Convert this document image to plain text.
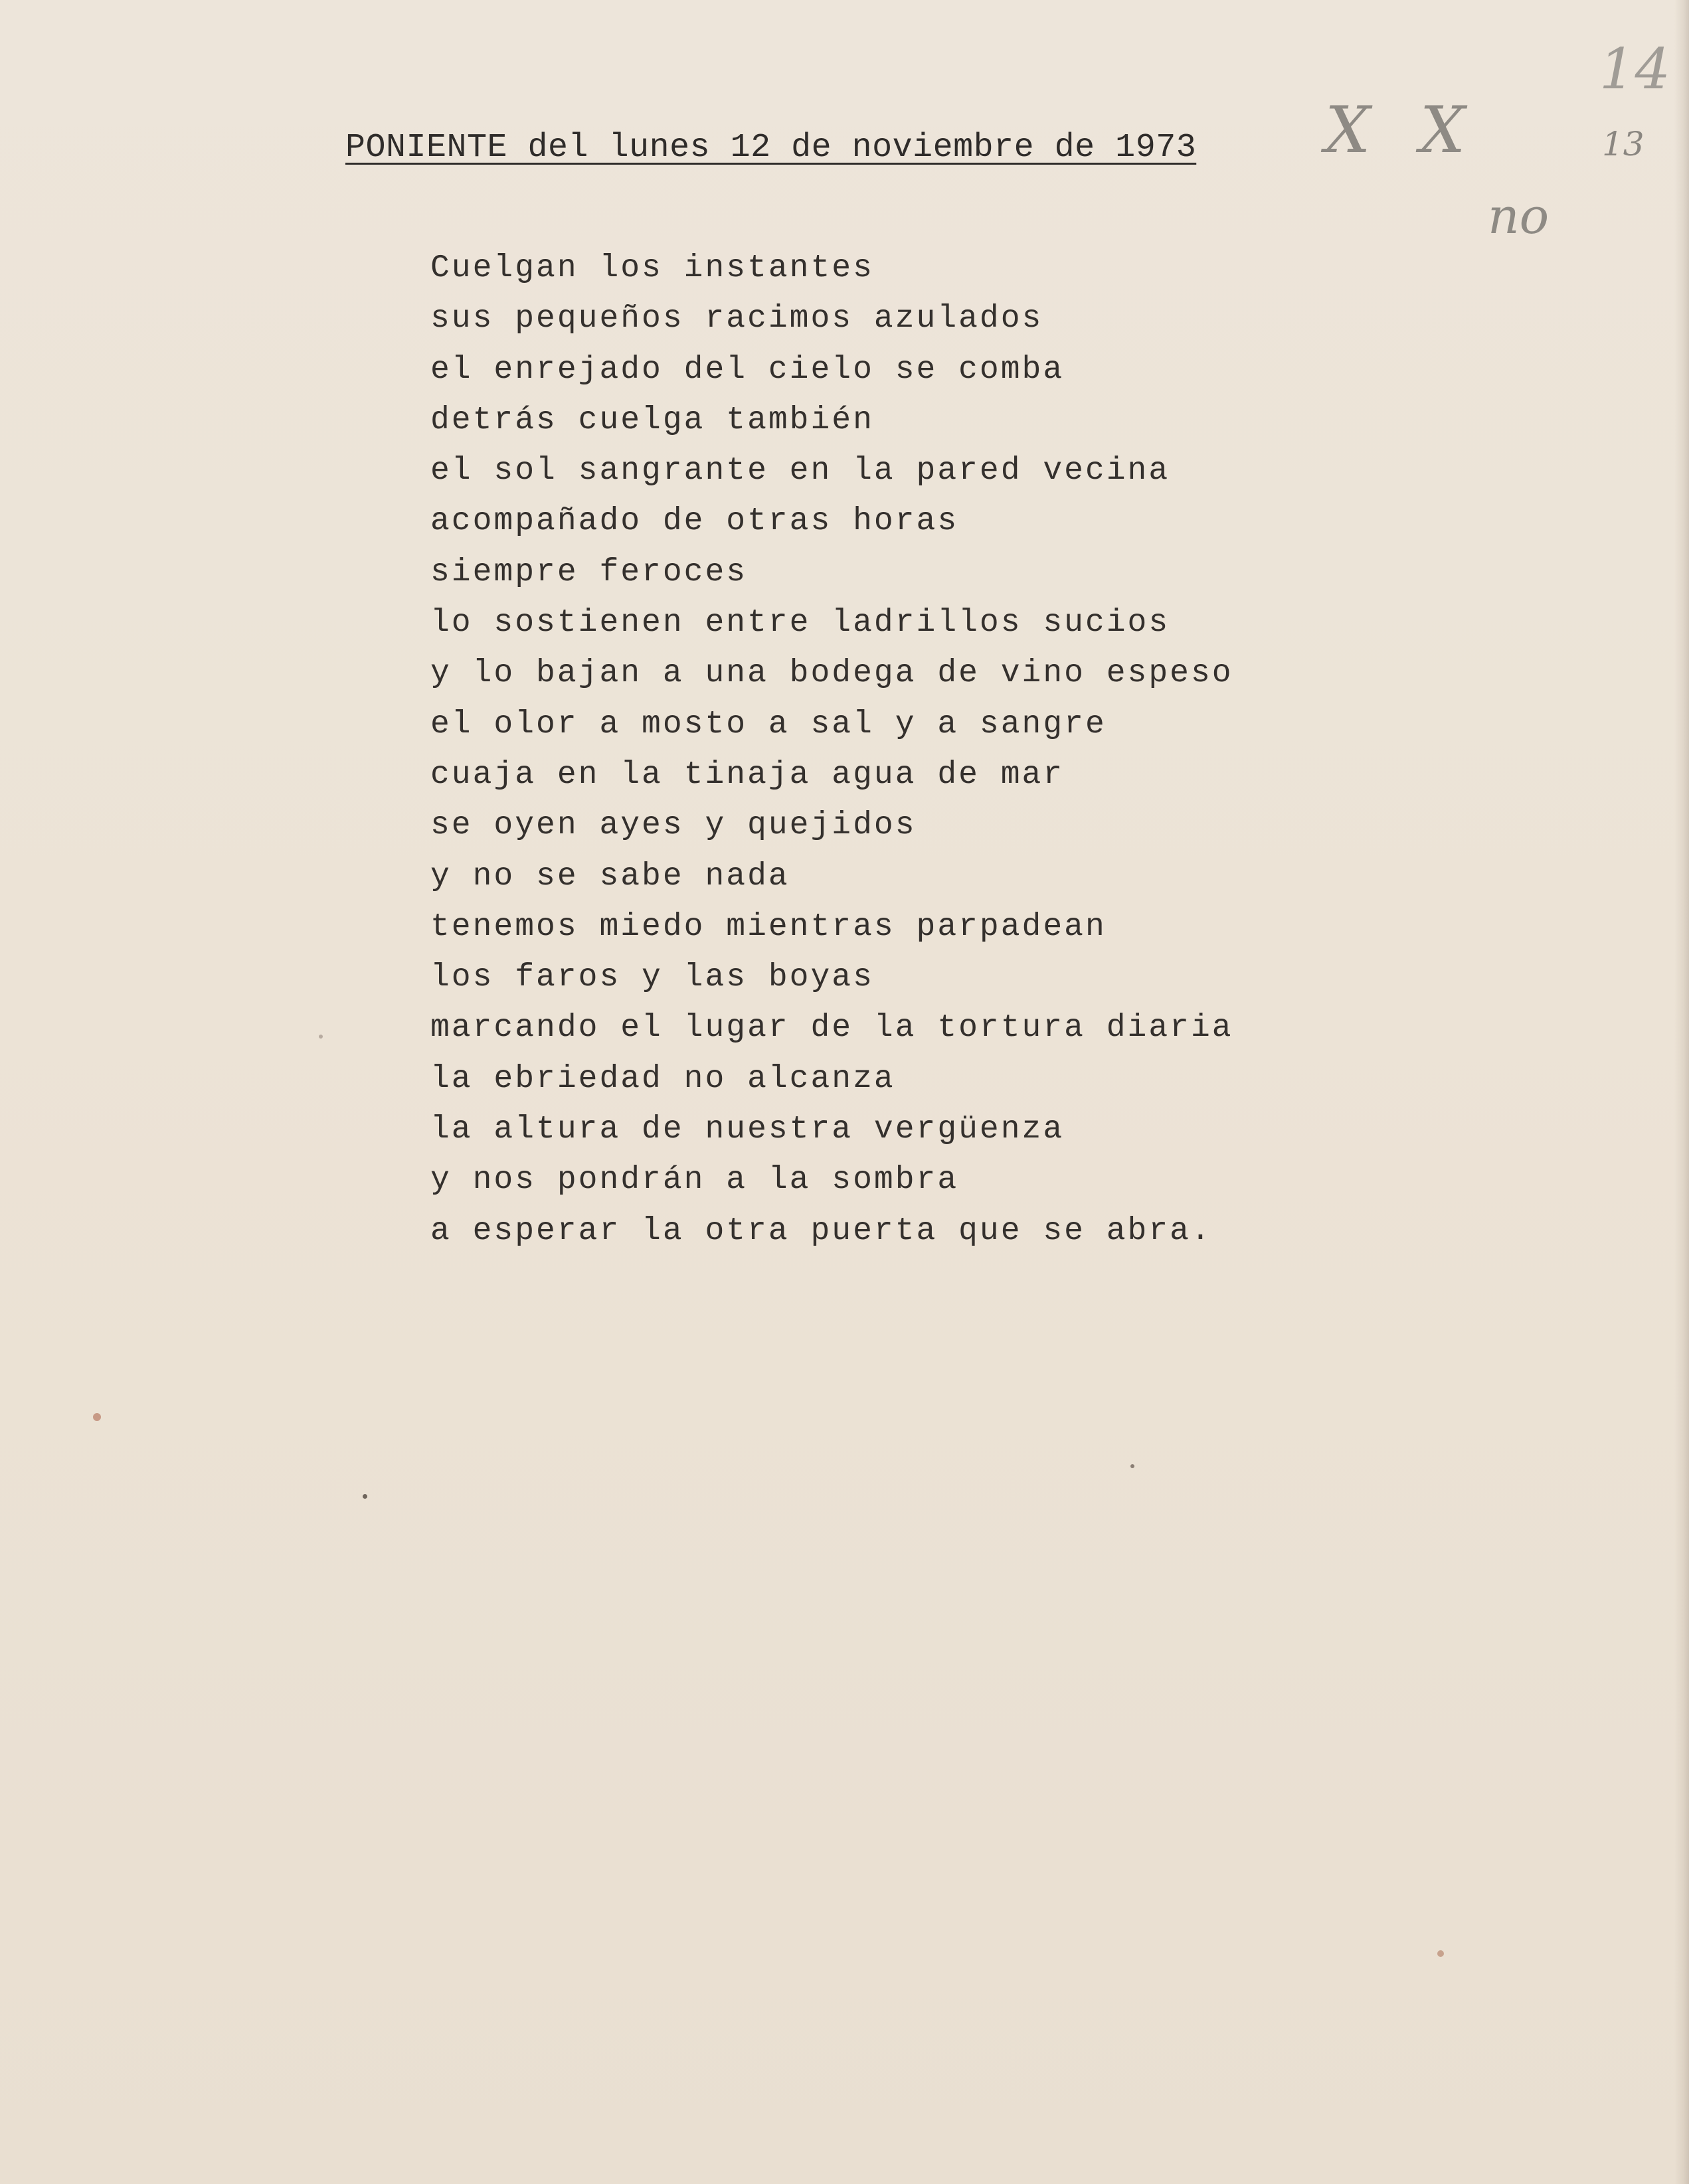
PONIENTE del lunes 12 de noviembre de 1973
Cuelgan los instantes
sus pequeños racimos azulados
el enrejado del cielo se comba
detrás cuelga también
el sol sangrante en la pared vecina
acompañado de otras horas
siempre feroces
lo sostienen entre ladrillos sucios
y lo bajan a una bodega de vino espeso
el olor a mosto a sal y a sangre
cuaja en la tinaja agua de mar
se oyen ayes y quejidos
y no se sabe nada
tenemos miedo mientras parpadean
los faros y las boyas
marcando el lugar de la tortura diaria
la ebriedad no alcanza
la altura de nuestra vergüenza
y nos pondrán a la sombra
a esperar la otra puerta que se abra.
14
13
X X
no
